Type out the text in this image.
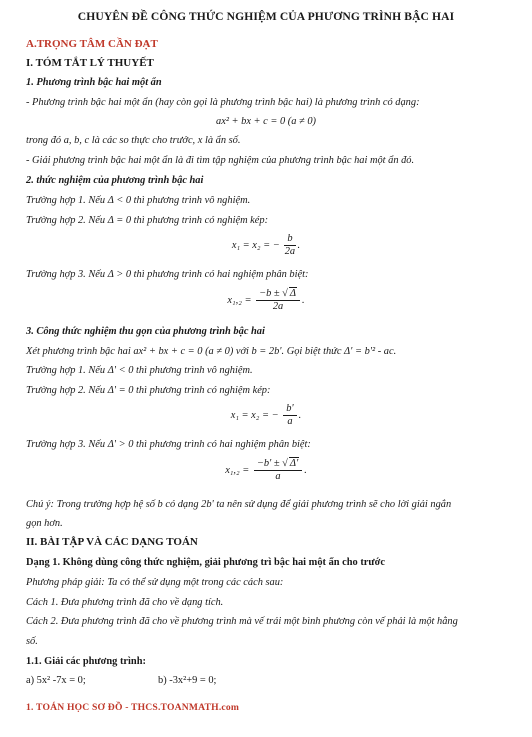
CHUYÊN ĐỀ CÔNG THỨC NGHIỆM CỦA PHƯƠNG TRÌNH BẬC HAI
A.TRỌNG TÂM CẦN ĐẠT
I. TÓM TẮT LÝ THUYẾT
1. Phương trình bậc hai một ẩn
- Phương trình bậc hai một ẩn (hay còn gọi là phương trình bậc hai) là phương trình có dạng:
ax² + bx + c = 0 (a ≠ 0)
trong đó a, b, c là các so thực cho trước, x là ẩn số.
- Giải phương trình bậc hai một ẩn là đi tìm tập nghiệm của phương trình bậc hai một ẩn đó.
2. thức nghiệm của phương trình bậc hai
Trường hợp 1. Nếu Δ < 0 thì phương trình vô nghiệm.
Trường hợp 2. Nếu Δ = 0 thì phương trình có nghiệm kép:
x₁ = x₂ = − $\frac{b}{2a}$ .
Trường hợp 3. Nếu Δ > 0 thì phương trình có hai nghiệm phân biệt:
$x_1,_2 = \frac{-b \pm √ \Delta}{2a}$ .
3. Công thức nghiệm thu gọn của phương trình bậc hai
Xét phương trình bậc hai ax² + bx + c = 0 (a ≠ 0) với b = 2b'. Gọi biệt thức Δ' = b'² - ac.
Trường hợp 1. Nếu Δ' < 0 thì phương trình vô nghiệm.
Trường hợp 2. Nếu Δ' = 0 thì phương trình có nghiệm kép:
x₁ = x₂ = − $\frac{b'}{a}$ .
Trường hợp 3. Nếu Δ' > 0 thì phương trình có hai nghiệm phân biệt:
$x_1,_2 = \frac{-b' \pm √ \Delta'}{a}$ .
Chú ý: Trong trường hợp hệ số b có dạng 2b' ta nên sử dụng để giải phương trình sẽ cho lời giải ngắn
gọn hơn.
II. BÀI TẬP VÀ CÁC DẠNG TOÁN
Dạng 1. Không dùng công thức nghiệm, giải phương trì bậc hai một ẩn cho trước
Phương pháp giải: Ta có thể sử dụng một trong các cách sau:
Cách 1. Đưa phương trình đã cho về dạng tích.
Cách 2. Đưa phương trình đã cho về phương trình mà vế trái một bình phương còn vế phải là một hằng
số.
1.1. Giải các phương trình:
a) 5x² -7x = 0;	b) -3x²+9 = 0;
1. TOÁN HỌC SƠ ĐỒ - THCS.TOANMATH.com
